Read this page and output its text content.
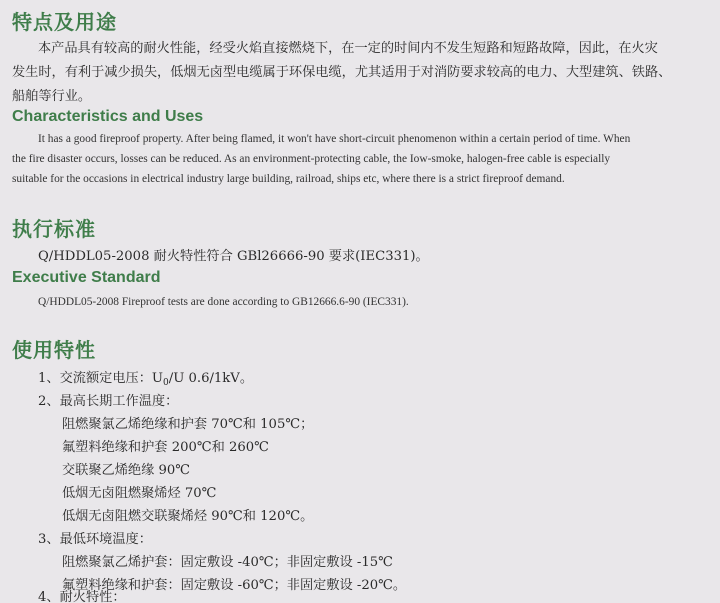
特点及用途
本产品具有较高的耐火性能，经受火焰直接燃烧下，在一定的时间内不发生短路和短路故障，因此，在火灾
发生时，有利于减少损失，低烟无卤型电缆属于环保电缆，尤其适用于对消防要求较高的电力、大型建筑、铁路、
船舶等行业。
Characteristics and Uses
It has a good fireproof property. After being flamed, it won't have short-circuit phenomenon within a certain period of time. When
the fire disaster occurs, losses can be reduced. As an environment-protecting cable, the Iow-smoke, halogen-free cable is especially
suitable for the occasions in electrical industry large building, railroad, ships etc, where there is a strict fireproof demand.
执行标准
Q/HDDL05-2008 耐火特性符合 GBl26666-90 要求(IEC331)。
Executive Standard
Q/HDDL05-2008 Fireproof tests are done according to GB12666.6-90 (IEC331).
使用特性
1、交流额定电压：$U_0/U$ 0.6/1kV。
2、最高长期工作温度：
阻燃聚氯乙烯绝缘和护套 70℃和 105℃；
氟塑料绝缘和护套 200℃和 260℃
交联聚乙烯绝缘 90℃
低烟无卤阻燃聚烯烃 70℃
低烟无卤阻燃交联聚烯烃 90℃和 120℃。
3、最低环境温度：
阻燃聚氯乙烯护套：固定敷设 -40℃；非固定敷设 -15℃
氟塑料绝缘和护套：固定敷设 -60℃；非固定敷设 -20℃。
4、耐火特性：
